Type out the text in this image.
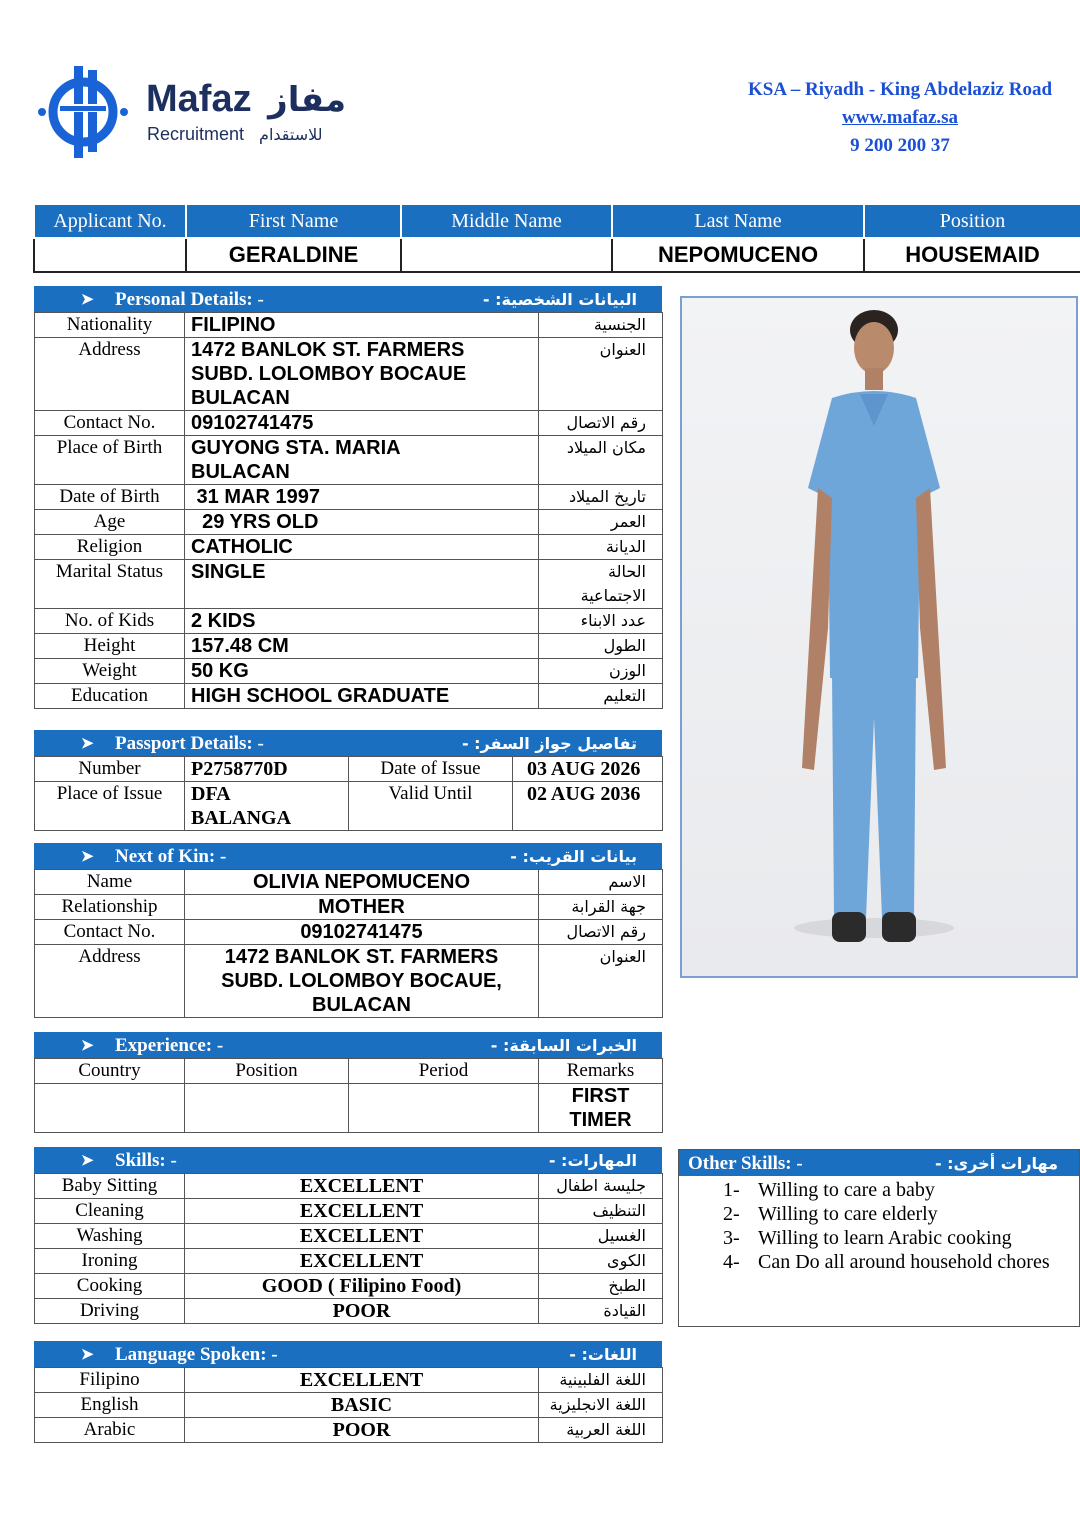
Mafaz مفاز
Recruitment للاستقدام
KSA – Riyadh - King Abdelaziz Road
www.mafaz.sa
9 200 200 37
Applicant No.	First Name	Middle Name	Last Name	Position
	GERALDINE		NEPOMUCENO	HOUSEMAID
➤ Personal Details: -	البيانات الشخصية: -
Nationality	FILIPINO	الجنسية
Address	1472 BANLOK ST. FARMERS SUBD. LOLOMBOY BOCAUE BULACAN	العنوان
Contact No.	09102741475	رقم الاتصال
Place of Birth	GUYONG STA. MARIA BULACAN	مكان الميلاد
Date of Birth	31 MAR 1997	تاريخ الميلاد
Age	29 YRS OLD	العمر
Religion	CATHOLIC	الديانة
Marital Status	SINGLE	الحالة الاجتماعية
No. of Kids	2 KIDS	عدد الابناء
Height	157.48 CM	الطول
Weight	50 KG	الوزن
Education	HIGH SCHOOL GRADUATE	التعليم
➤ Passport Details: -	تفاصيل جواز السفر: -
Number	P2758770D	Date of Issue	03 AUG 2026
Place of Issue	DFA BALANGA	Valid Until	02 AUG 2036
➤ Next of Kin: -	بيانات القريب: -
Name	OLIVIA NEPOMUCENO	الاسم
Relationship	MOTHER	جهة القرابة
Contact No.	09102741475	رقم الاتصال
Address	1472 BANLOK ST. FARMERS SUBD. LOLOMBOY BOCAUE, BULACAN	العنوان
➤ Experience: -	الخبرات السابقة: -
Country	Position	Period	Remarks
			FIRST TIMER
➤ Skills: -	المهارات: -
Baby Sitting	EXCELLENT	جليسة اطفال
Cleaning	EXCELLENT	التنظيف
Washing	EXCELLENT	الغسيل
Ironing	EXCELLENT	الكوى
Cooking	GOOD ( Filipino Food)	الطبخ
Driving	POOR	القيادة
Other Skills: -	مهارات أخرى: -
1- Willing to care a baby
2- Willing to care elderly
3- Willing to learn Arabic cooking
4- Can Do all around household chores
➤ Language Spoken: -	اللغات: -
Filipino	EXCELLENT	اللغة الفلبينية
English	BASIC	اللغة الانجليزية
Arabic	POOR	اللغة العربية
